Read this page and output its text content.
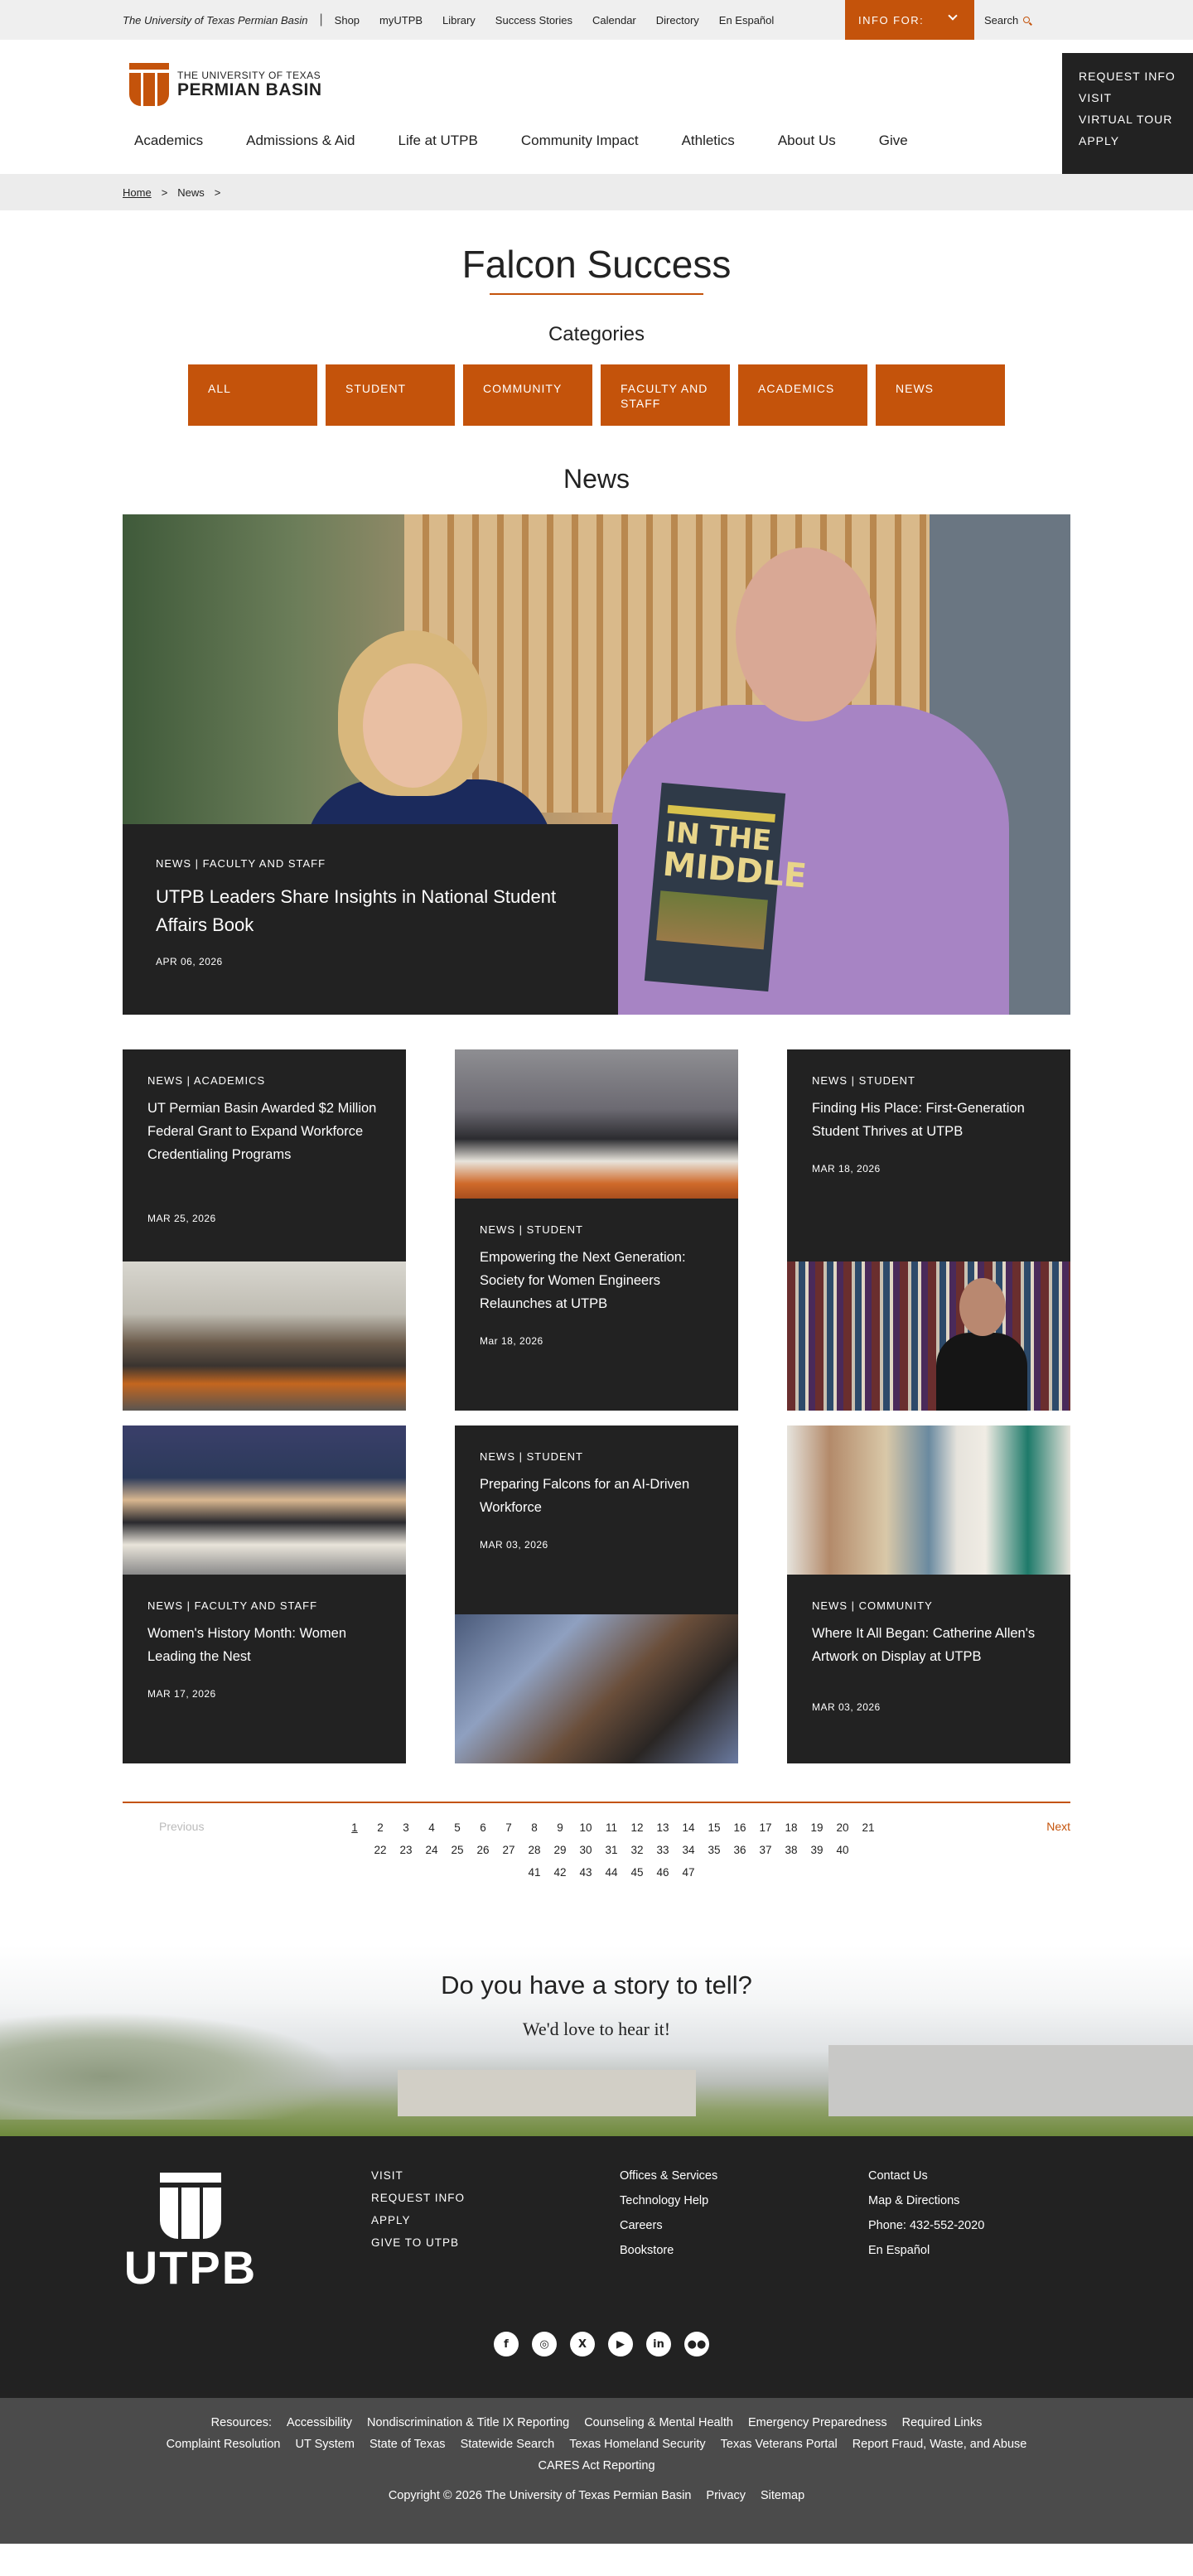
The University of Texas Permian Basin | Shop myUTPB Library Success Stories Calendar Directory En Español	INFO FOR:	Search
THE UNIVERSITY OF TEXAS
PERMIAN BASIN
Academics	Admissions & Aid	Life at UTPB	Community Impact	Athletics	About Us	Give
REQUEST INFO
VISIT
VIRTUAL TOUR
APPLY
Home > News >
Falcon Success
Categories
ALL	STUDENT	COMMUNITY	FACULTY AND STAFF
ACADEMICS	NEWS
News
IN THE
MIDDLE
NEWS | FACULTY AND STAFF
UTPB Leaders Share Insights in National Student Affairs Book
APR 06, 2026
NEWS | ACADEMICS
UT Permian Basin Awarded $2 Million Federal Grant to Expand Workforce Credentialing Programs
MAR 25, 2026
NEWS | STUDENT
Empowering the Next Generation: Society for Women Engineers Relaunches at UTPB
Mar 18, 2026
NEWS | STUDENT
Finding His Place: First-Generation Student Thrives at UTPB
MAR 18, 2026
NEWS | FACULTY AND STAFF
Women's History Month: Women Leading the Nest
MAR 17, 2026
NEWS | STUDENT
Preparing Falcons for an AI-Driven Workforce
MAR 03, 2026
NEWS | COMMUNITY
Where It All Began: Catherine Allen's Artwork on Display at UTPB
MAR 03, 2026
Previous	1	2	3	4	5	6	7	8	9	10	11	12	13	14	15	16	17	18	19	20	21
22	23	24	25	26	27	28	29	30	31	32	33	34	35	36	37	38	39	40
41	42	43	44	45	46	47
Next
Do you have a story to tell?

We'd love to hear it!

UTPB
VISIT
REQUEST INFO
APPLY
GIVE TO UTPB
Offices & Services
Technology Help
Careers
Bookstore
Contact Us
Map & Directions
Phone: 432-552-2020
En Español
f	◎	X	▶	in	●●
Resources: Accessibility Nondiscrimination & Title IX Reporting Counseling & Mental Health Emergency Preparedness Required Links
Complaint Resolution UT System State of Texas Statewide Search Texas Homeland Security Texas Veterans Portal Report Fraud, Waste, and Abuse
CARES Act Reporting
Copyright © 2026 The University of Texas Permian Basin Privacy Sitemap
